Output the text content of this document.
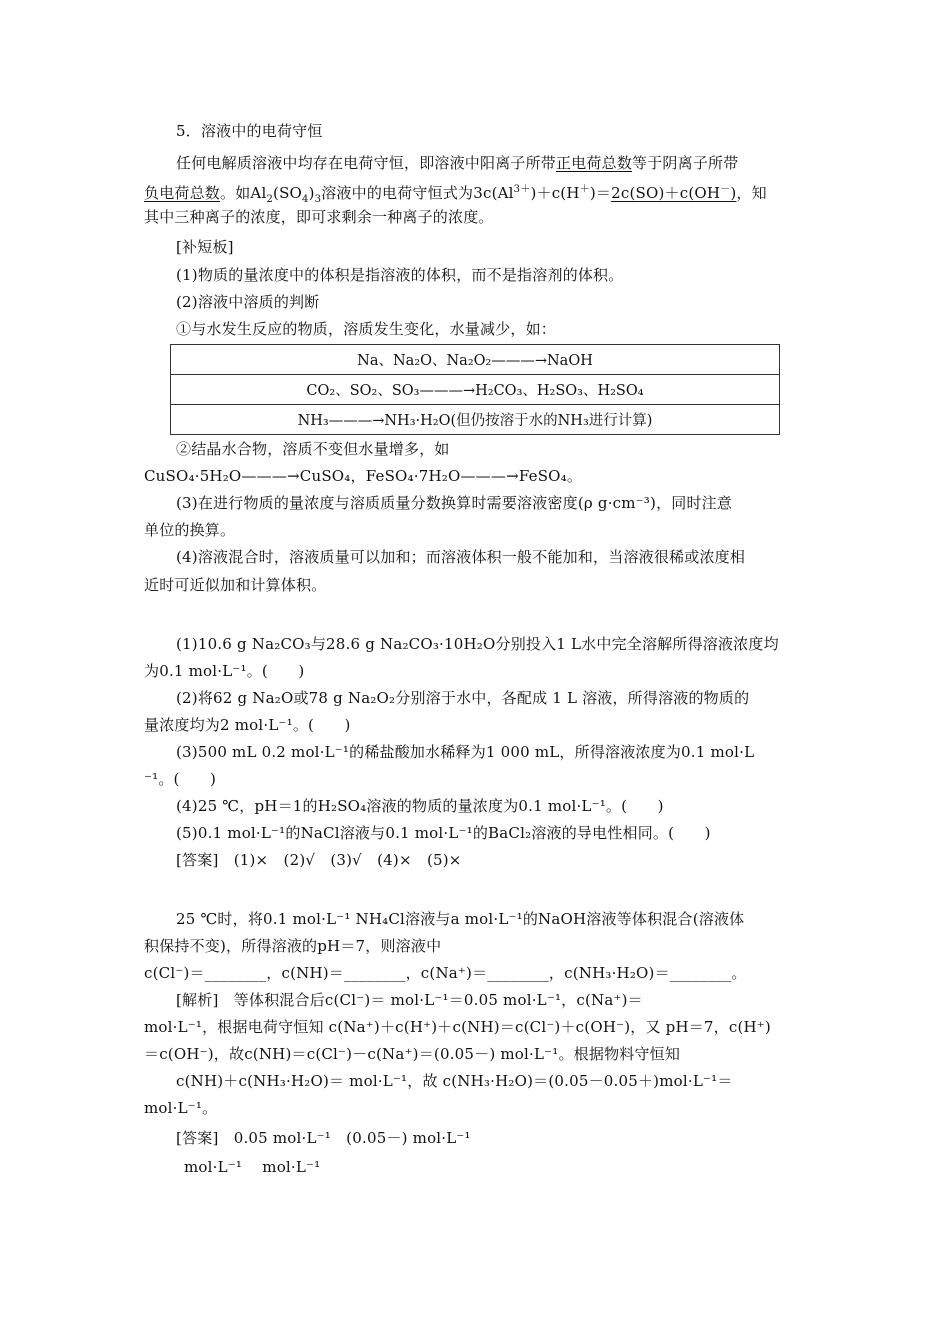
5．溶液中的电荷守恒
任何电解质溶液中均存在电荷守恒，即溶液中阳离子所带正电荷总数等于阴离子所带
负电荷总数。如$Al_2(SO_4)_3$溶液中的电荷守恒式为$3c(Al^{3+})+c(H^+)=2c(SO)+c(OH^-)$，知
其中三种离子的浓度，即可求剩余一种离子的浓度。
[补短板]
(1)物质的量浓度中的体积是指溶液的体积，而不是指溶剂的体积。
(2)溶液中溶质的判断
①与水发生反应的物质，溶质发生变化，水量减少，如：
Na、Na₂O、Na₂O₂———→NaOH
CO₂、SO₂、SO₃———→H₂CO₃、H₂SO₃、H₂SO₄
NH₃———→NH₃·H₂O(但仍按溶于水的NH₃进行计算)
②结晶水合物，溶质不变但水量增多，如
CuSO₄·5H₂O———→CuSO₄，FeSO₄·7H₂O———→FeSO₄。
(3)在进行物质的量浓度与溶质质量分数换算时需要溶液密度(ρ g·cm⁻³)，同时注意
单位的换算。
(4)溶液混合时，溶液质量可以加和；而溶液体积一般不能加和，当溶液很稀或浓度相
近时可近似加和计算体积。
(1)10.6 g Na₂CO₃与28.6 g Na₂CO₃·10H₂O分别投入1 L水中完全溶解所得溶液浓度均
为0.1 mol·L⁻¹。(　　)
(2)将62 g Na₂O或78 g Na₂O₂分别溶于水中，各配成 1 L 溶液，所得溶液的物质的
量浓度均为2 mol·L⁻¹。(　　)
(3)500 mL 0.2 mol·L⁻¹的稀盐酸加水稀释为1 000 mL，所得溶液浓度为0.1 mol·L
⁻¹。(　　)
(4)25 ℃，pH＝1的H₂SO₄溶液的物质的量浓度为0.1 mol·L⁻¹。(　　)
(5)0.1 mol·L⁻¹的NaCl溶液与0.1 mol·L⁻¹的BaCl₂溶液的导电性相同。(　　)
[答案]　(1)×　(2)√　(3)√　(4)×　(5)×
25 ℃时，将0.1 mol·L⁻¹ NH₄Cl溶液与a mol·L⁻¹的NaOH溶液等体积混合(溶液体
积保持不变)，所得溶液的pH＝7，则溶液中
c(Cl⁻)＝________，c(NH)＝________，c(Na⁺)＝________，c(NH₃·H₂O)＝________。
[解析]　等体积混合后c(Cl⁻)＝ mol·L⁻¹＝0.05 mol·L⁻¹，c(Na⁺)＝
mol·L⁻¹，根据电荷守恒知 c(Na⁺)＋c(H⁺)＋c(NH)＝c(Cl⁻)＋c(OH⁻)，又 pH＝7，c(H⁺)
＝c(OH⁻)，故c(NH)＝c(Cl⁻)－c(Na⁺)＝(0.05－) mol·L⁻¹。根据物料守恒知
c(NH)＋c(NH₃·H₂O)＝ mol·L⁻¹，故 c(NH₃·H₂O)＝(0.05－0.05＋)mol·L⁻¹＝
mol·L⁻¹。
[答案]　0.05 mol·L⁻¹　(0.05－) mol·L⁻¹
mol·L⁻¹　 mol·L⁻¹
